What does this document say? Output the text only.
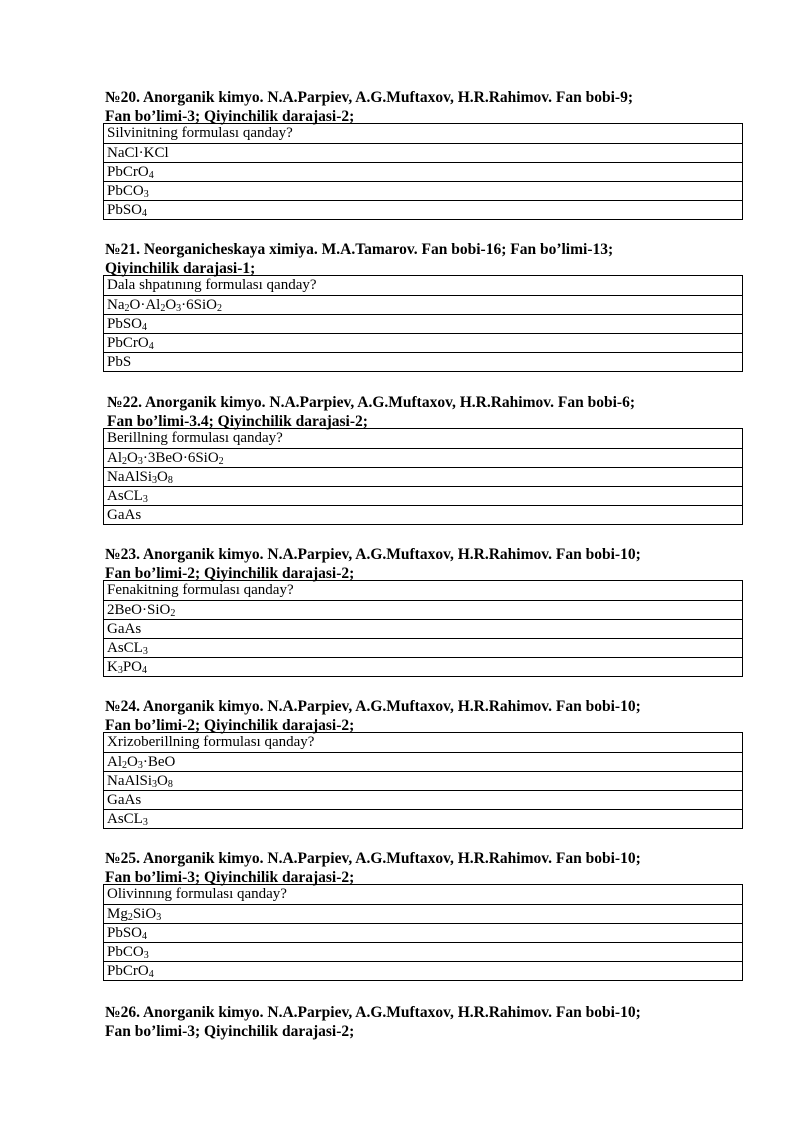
№20. Anorganik kimyo. N.A.Parpiev, A.G.Muftaxov, H.R.Rahimov. Fan bobi-9;
Fan bo’limi-3; Qiyinchilik darajasi-2;
Silvinitning formulası qanday?
NaCl·KCl
PbCrO$_4$
PbCO$_3$
PbSO$_4$
№21. Neorganicheskaya ximiya. M.A.Tamarov. Fan bobi-16; Fan bo’limi-13;
Qiyinchilik darajasi-1;
Dala shpatınıng formulası qanday?
$Na_2O\cdot Al_2O_3\cdot 6SiO_2$
PbSO$_4$
PbCrO$_4$
PbS
№22. Anorganik kimyo. N.A.Parpiev, A.G.Muftaxov, H.R.Rahimov. Fan bobi-6;
Fan bo’limi-3.4; Qiyinchilik darajasi-2;
Berillning formulası qanday?
$Al_2O_3\cdot 3BeO\cdot 6SiO_2$
$NaAlSi_3O_8$
AsCL$_3$
GaAs
№23. Anorganik kimyo. N.A.Parpiev, A.G.Muftaxov, H.R.Rahimov. Fan bobi-10;
Fan bo’limi-2; Qiyinchilik darajasi-2;
Fenakitning formulası qanday?
2BeO·SiO$_2$
GaAs
AsCL$_3$
$K_3PO_4$
№24. Anorganik kimyo. N.A.Parpiev, A.G.Muftaxov, H.R.Rahimov. Fan bobi-10;
Fan bo’limi-2; Qiyinchilik darajasi-2;
Xrizoberillning formulası qanday?
$Al_2O_3\cdot BeO$
$NaAlSi_3O_8$
GaAs
AsCL$_3$
№25. Anorganik kimyo. N.A.Parpiev, A.G.Muftaxov, H.R.Rahimov. Fan bobi-10;
Fan bo’limi-3; Qiyinchilik darajasi-2;
Olivinnıng formulası qanday?
$Mg_2SiO_3$
PbSO$_4$
PbCO$_3$
PbCrO$_4$
№26. Anorganik kimyo. N.A.Parpiev, A.G.Muftaxov, H.R.Rahimov. Fan bobi-10;
Fan bo’limi-3; Qiyinchilik darajasi-2;
